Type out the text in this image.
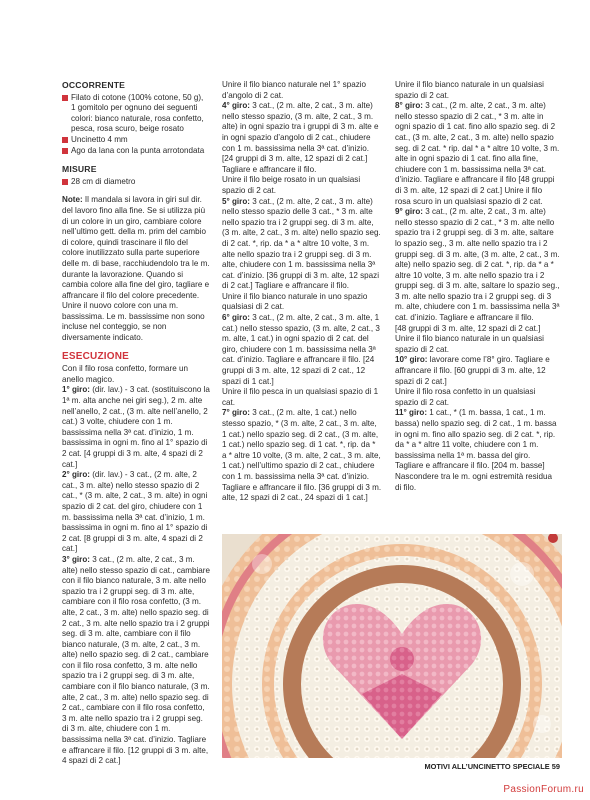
OCCORRENTE
Filato di cotone (100% cotone, 50 g), 1 gomitolo per ognuno dei seguenti colori: bianco naturale, rosa confetto, pesca, rosa scuro, beige rosato
Uncinetto 4 mm
Ago da lana con la punta arrotondata
MISURE
28 cm di diametro

Note: Il mandala si lavora in giri sul dir. del lavoro fino alla fine. Se si utilizza più di un colore in un giro, cambiare colore nell’ultimo gett. della m. prim del cambio di colore, quindi trascinare il filo del colore inutilizzato sulla parte superiore delle m. di base, racchiudendolo tra le m. durante la lavorazione. Quando si cambia colore alla fine del giro, tagliare e affrancare il filo del colore precedente. Unire il nuovo colore con una m. bassissima. Le m. bassissime non sono incluse nel conteggio, se non diversamente indicato.

ESECUZIONE

Con il filo rosa confetto, formare un anello magico.

1° giro: (dir. lav.) - 3 cat. (sostituiscono la 1ª m. alta anche nei giri seg.), 2 m. alte nell’anello, 2 cat., (3 m. alte nell’anello, 2 cat.) 3 volte, chiudere con 1 m. bassissima nella 3ª cat. d’inizio, 1 m. bassissima in ogni m. fino al 1° spazio di 2 cat. [4 gruppi di 3 m. alte, 4 spazi di 2 cat.]

2° giro: (dir. lav.) - 3 cat., (2 m. alte, 2 cat., 3 m. alte) nello stesso spazio di 2 cat., * (3 m. alte, 2 cat., 3 m. alte) in ogni spazio di 2 cat. del giro, chiudere con 1 m. bassissima nella 3ª cat. d’inizio, 1 m. bassissima in ogni m. fino al 1° spazio di 2 cat. [8 gruppi di 3 m. alte, 4 spazi di 2 cat.]

3° giro: 3 cat., (2 m. alte, 2 cat., 3 m. alte) nello stesso spazio di cat., cambiare con il filo bianco naturale, 3 m. alte nello spazio tra i 2 gruppi seg. di 3 m. alte, cambiare con il filo rosa confetto, (3 m. alte, 2 cat., 3 m. alte) nello spazio seg. di 2 cat., 3 m. alte nello spazio tra i 2 gruppi seg. di 3 m. alte, cambiare con il filo bianco naturale, (3 m. alte, 2 cat., 3 m. alte) nello spazio seg. di 2 cat., cambiare con il filo rosa confetto, 3 m. alte nello spazio tra i 2 gruppi seg. di 3 m. alte, cambiare con il filo bianco naturale, (3 m. alte, 2 cat., 3 m. alte) nello spazio seg. di 2 cat., cambiare con il filo rosa confetto, 3 m. alte nello spazio tra i 2 gruppi seg. di 3 m. alte, chiudere con 1 m. bassissima nella 3ª cat. d’inizio. Tagliare e affrancare il filo. [12 gruppi di 3 m. alte, 4 spazi di 2 cat.]

Unire il filo bianco naturale nel 1° spazio d’angolo di 2 cat.

4° giro: 3 cat., (2 m. alte, 2 cat., 3 m. alte) nello stesso spazio, (3 m. alte, 2 cat., 3 m. alte) in ogni spazio tra i gruppi di 3 m. alte e in ogni spazio d’angolo di 2 cat., chiudere con 1 m. bassissima nella 3ª cat. d’inizio.

[24 gruppi di 3 m. alte, 12 spazi di 2 cat.] Tagliare e affrancare il filo.

Unire il filo beige rosato in un qualsiasi spazio di 2 cat.

5° giro: 3 cat., (2 m. alte, 2 cat., 3 m. alte) nello stesso spazio delle 3 cat., * 3 m. alte nello spazio tra i 2 gruppi seg. di 3 m. alte, (3 m. alte, 2 cat., 3 m. alte) nello spazio seg. di 2 cat. *, rip. da * a * altre 10 volte, 3 m. alte nello spazio tra i 2 gruppi seg. di 3 m. alte, chiudere con 1 m. bassissima nella 3ª cat. d’inizio. [36 gruppi di 3 m. alte, 12 spazi di 2 cat.] Tagliare e affrancare il filo.

Unire il filo bianco naturale in uno spazio qualsiasi di 2 cat.

6° giro: 3 cat., (2 m. alte, 2 cat., 3 m. alte, 1 cat.) nello stesso spazio, (3 m. alte, 2 cat., 3 m. alte, 1 cat.) in ogni spazio di 2 cat. del giro, chiudere con 1 m. bassissima nella 3ª cat. d’inizio. Tagliare e affrancare il filo. [24 gruppi di 3 m. alte, 12 spazi di 2 cat., 12 spazi di 1 cat.]

Unire il filo pesca in un qualsiasi spazio di 1 cat.

7° giro: 3 cat., (2 m. alte, 1 cat.) nello stesso spazio, * (3 m. alte, 2 cat., 3 m. alte, 1 cat.) nello spazio seg. di 2 cat., (3 m. alte, 1 cat.) nello spazio seg. di 1 cat. *, rip. da * a * altre 10 volte, (3 m. alte, 2 cat., 3 m. alte, 1 cat.) nell’ultimo spazio di 2 cat., chiudere con 1 m. bassissima nella 3ª cat. d’inizio.

Tagliare e affrancare il filo. [36 gruppi di 3 m. alte, 12 spazi di 2 cat., 24 spazi di 1 cat.]

Unire il filo bianco naturale in un qualsiasi spazio di 2 cat.

8° giro: 3 cat., (2 m. alte, 2 cat., 3 m. alte) nello stesso spazio di 2 cat., * 3 m. alte in ogni spazio di 1 cat. fino allo spazio seg. di 2 cat., (3 m. alte, 2 cat., 3 m. alte) nello spazio seg. di 2 cat. * rip. dal * a * altre 10 volte, 3 m. alte in ogni spazio di 1 cat. fino alla fine, chiudere con 1 m. bassissima nella 3ª cat. d’inizio. Tagliare e affrancare il filo [48 gruppi di 3 m. alte, 12 spazi di 2 cat.] Unire il filo rosa scuro in un qualsiasi spazio di 2 cat.

9° giro: 3 cat., (2 m. alte, 2 cat., 3 m. alte) nello stesso spazio di 2 cat., * 3 m. alte nello spazio tra i 2 gruppi seg. di 3 m. alte, saltare lo spazio seg., 3 m. alte nello spazio tra i 2 gruppi seg. di 3 m. alte, (3 m. alte, 2 cat., 3 m. alte) nello spazio seg. di 2 cat. *, rip. da * a * altre 10 volte, 3 m. alte nello spazio tra i 2 gruppi seg. di 3 m. alte, saltare lo spazio seg., 3 m. alte nello spazio tra i 2 gruppi seg. di 3 m. alte, chiudere con 1 m. bassissima nella 3ª cat. d’inizio. Tagliare e affrancare il filo.

[48 gruppi di 3 m. alte, 12 spazi di 2 cat.] Unire il filo bianco naturale in un qualsiasi spazio di 2 cat.

10° giro: lavorare come l’8° giro. Tagliare e affrancare il filo. [60 gruppi di 3 m. alte, 12 spazi di 2 cat.]

Unire il filo rosa confetto in un qualsiasi spazio di 2 cat.

11° giro: 1 cat., * (1 m. bassa, 1 cat., 1 m. bassa) nello spazio seg. di 2 cat., 1 m. bassa in ogni m. fino allo spazio seg. di 2 cat. *, rip. da * a * altre 11 volte, chiudere con 1 m. bassissima nella 1ª m. bassa del giro. Tagliare e affrancare il filo. [204 m. basse] Nascondere tra le m. ogni estremità residua di filo.

MOTIVI ALL’UNCINETTO SPECIALE 59
PassionForum.ru
